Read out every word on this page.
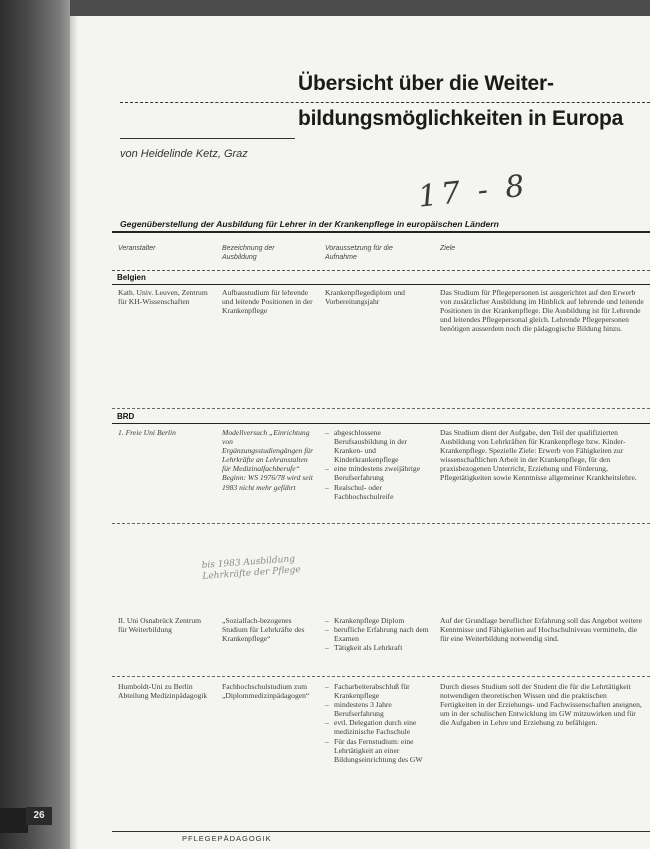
Übersicht über die Weiter-
bildungsmöglichkeiten in Europa
von Heidelinde Ketz, Graz
17 - 8
Gegenüberstellung der Ausbildung für Lehrer in der Krankenpflege in europäischen Ländern
Veranstalter	Bezeichnung der Ausbildung
Voraussetzung für die Aufnahme
Ziele
Belgien
Kath. Univ. Leuven, Zentrum für KH-Wissenschaften
Aufbaustudium für lehrende und leitende Positionen in der Krankenpflege
Krankenpflegediplom und Vorbereitungsjahr
Das Studium für Pflegepersonen ist ausgerichtet auf den Erwerb von zusätzlicher Ausbildung im Hinblick auf lehrende und leitende Positionen in der Krankenpflege. Die Ausbildung ist für Lehrende und leitendes Pflegepersonal gleich. Lehrende Pflegepersonen benötigen ausserdem noch die pädagogische Bildung hinzu.
BRD
1. Freie Uni Berlin	Modellversuch „Einrichtung von Ergänzungsstudiengängen für Lehrkräfte an Lehranstalten für Medizinalfachberufe“ Beginn: WS 1976/78 wird seit 1983 nicht mehr geführt
– abgeschlossene Berufsausbildung in der Kranken- und Kinderkrankenpflege
– eine mindestens zweijährige Berufserfahrung
– Realschul- oder Fachhochschulreife
Das Studium dient der Aufgabe, den Teil der qualifizierten Ausbildung von Lehrkräften für Krankenpflege bzw. Kinder-Krankenpflege. Spezielle Ziele: Erwerb von Fähigkeiten zur wissenschaftlichen Arbeit in der Krankenpflege, für den praxisbezogenen Unterricht, Erziehung und Förderung, Pflegetätigkeiten sowie Kenntnisse allgemeiner Krankheitslehre.
bis 1983 Ausbildung Lehrkräfte der Pflege
II. Uni Osnabrück Zentrum für Weiterbildung
„Sozialfach-bezogenes Studium für Lehrkräfte des Krankenpflege“
– Krankenpflege Diplom
– berufliche Erfahrung nach dem Examen
– Tätigkeit als Lehrkraft
Auf der Grundlage beruflicher Erfahrung soll das Angebot weitere Kenntnisse und Fähigkeiten auf Hochschulniveau vermitteln, die für eine Weiterbildung notwendig sind.
Humboldt-Uni zu Berlin Abteilung Medizinpädagogik
Fachhochschulstudium zum „Diplommedizinpädagogen“
– Facharbeiterabschluß für Krankenpflege
– mindestens 3 Jahre Berufserfahrung
– evtl. Delegation durch eine medizinische Fachschule
– Für das Fernstudium: eine Lehrtätigkeit an einer Bildungseinrichtung des GW
Durch dieses Studium soll der Student die für die Lehrtätigkeit notwendigen theoretischen Wissen und die praktischen Fertigkeiten in der Erziehungs- und Fachwissenschaften aneignen, um in der schulischen Entwicklung im GW mitzuwirken und für die Aufgaben in Lehre und Erziehung zu befähigen.
PFLEGEPÄDAGOGIK
26
